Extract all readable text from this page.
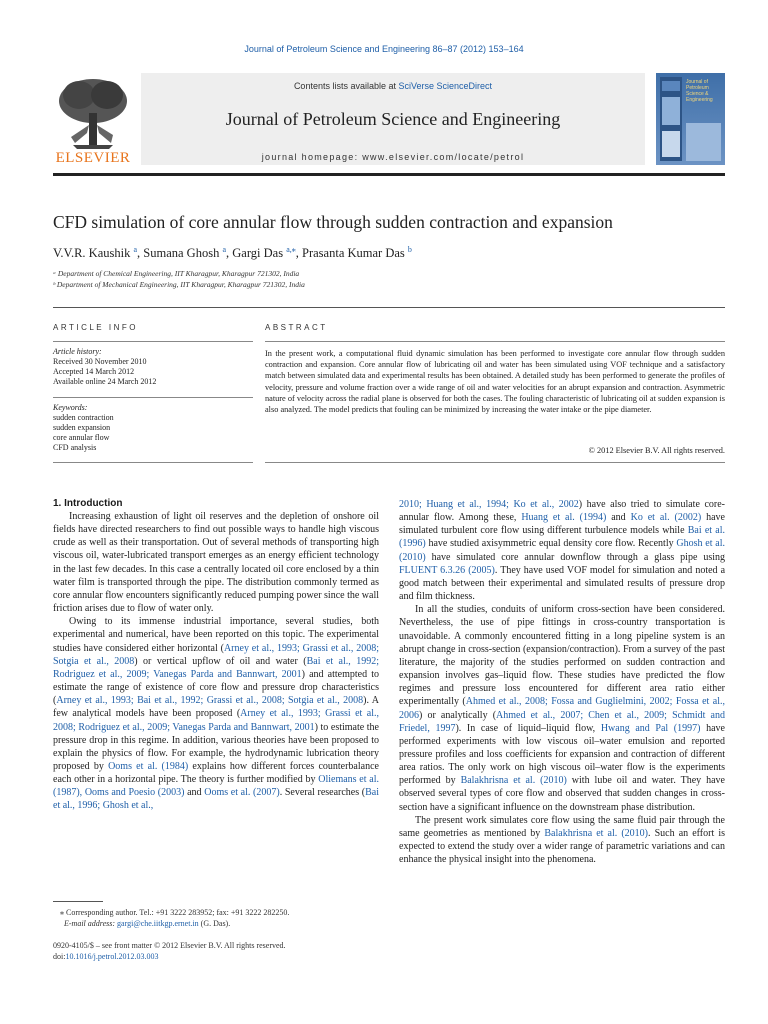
Journal of Petroleum Science and Engineering 86–87 (2012) 153–164
ELSEVIER
Contents lists available at SciVerse ScienceDirect
Journal of Petroleum Science and Engineering
journal homepage: www.elsevier.com/locate/petrol
Journal of
Petroleum
Science &
Engineering
CFD simulation of core annular flow through sudden contraction and expansion
V.V.R. Kaushik $^a$, Sumana Ghosh $^a$, Gargi Das $^{a,⁎}$, Prasanta Kumar Das $^b$
ᵃ Department of Chemical Engineering, IIT Kharagpur, Kharagpur 721302, India
ᵇ Department of Mechanical Engineering, IIT Kharagpur, Kharagpur 721302, India
ARTICLE INFO
Article history:
Received 30 November 2010
Accepted 14 March 2012
Available online 24 March 2012
Keywords:
sudden contraction
sudden expansion
core annular flow
CFD analysis
ABSTRACT
In the present work, a computational fluid dynamic simulation has been performed to investigate core annular flow through sudden contraction and expansion. Core annular flow of lubricating oil and water has been simulated using VOF technique and a satisfactory match between simulated data and experimental results has been obtained. A detailed study has been performed to generate the profiles of velocity, pressure and volume fraction over a wide range of oil and water velocities for an abrupt expansion and contraction. Asymmetric nature of velocity across the radial plane is observed for both the cases. The fouling characteristic of lubricating oil at sudden expansion is also analyzed. The model predicts that fouling can be minimized by increasing the water intake or the pipe diameter.
© 2012 Elsevier B.V. All rights reserved.
1. Introduction

Increasing exhaustion of light oil reserves and the depletion of onshore oil fields have directed researchers to find out possible ways to handle high viscous crude as well as their transportation. Out of several methods of transporting high viscous oil, water-lubricated transport emerges as an energy efficient technology in the last few decades. In this case a centrally located oil core enclosed by a thin water film is transported through the pipe. The distribution commonly termed as core annular flow encounters significantly reduced pumping power since the wall friction arises due to flow of water only.

Owing to its immense industrial importance, several studies, both experimental and numerical, have been reported on this topic. The experimental studies have considered either horizontal (Arney et al., 1993; Grassi et al., 2008; Sotgia et al., 2008) or vertical upflow of oil and water (Bai et al., 1992; Rodriguez et al., 2009; Vanegas Parda and Bannwart, 2001) and attempted to estimate the range of existence of core flow and pressure drop characteristics (Arney et al., 1993; Bai et al., 1992; Grassi et al., 2008; Sotgia et al., 2008). A few analytical models have been proposed (Arney et al., 1993; Grassi et al., 2008; Rodriguez et al., 2009; Vanegas Parda and Bannwart, 2001) to estimate the pressure drop in this regime. In addition, various theories have been proposed to explain the physics of flow. For example, the hydrodynamic lubrication theory proposed by Ooms et al. (1984) explains how different forces counterbalance each other in a horizontal pipe. The theory is further modified by Oliemans et al. (1987), Ooms and Poesio (2003) and Ooms et al. (2007). Several researches (Bai et al., 1996; Ghosh et al.,

2010; Huang et al., 1994; Ko et al., 2002) have also tried to simulate core-annular flow. Among these, Huang et al. (1994) and Ko et al. (2002) have simulated turbulent core flow using different turbulence models while Bai et al. (1996) have studied axisymmetric equal density core flow. Recently Ghosh et al. (2010) have simulated core annular downflow through a glass pipe using FLUENT 6.3.26 (2005). They have used VOF model for simulation and noted a good match between their experimental and simulated results of pressure drop and film thickness.

In all the studies, conduits of uniform cross-section have been considered. Nevertheless, the use of pipe fittings in cross-country transportation is unavoidable. A commonly encountered fitting in a long pipeline system is an abrupt change in cross-section (expansion/contraction). From a survey of the past literature, the majority of the studies performed on sudden contraction and expansion involves gas–liquid flow. These studies have predicted the flow regimes and pressure loss encountered for different area ratio either experimentally (Ahmed et al., 2008; Fossa and Guglielmini, 2002; Fossa et al., 2006) or analytically (Ahmed et al., 2007; Chen et al., 2009; Schmidt and Friedel, 1997). In case of liquid–liquid flow, Hwang and Pal (1997) have performed experiments with low viscous oil–water emulsion and reported pressure profiles and loss coefficients for expansion and contraction of different area ratios. The only work on high viscous oil–water flow is the experiments performed by Balakhrisna et al. (2010) with lube oil and water. They have observed several types of core flow and observed that sudden changes in cross-section have a significant influence on the downstream phase distribution.

The present work simulates core flow using the same fluid pair through the same geometries as mentioned by Balakhrisna et al. (2010). Such an effort is expected to extend the study over a wider range of parametric variations and can enhance the physical insight into the phenomena.

⁎ Corresponding author. Tel.: +91 3222 283952; fax: +91 3222 282250.
E-mail address: gargi@che.iitkgp.ernet.in (G. Das).
0920-4105/$ – see front matter © 2012 Elsevier B.V. All rights reserved.
doi:10.1016/j.petrol.2012.03.003
